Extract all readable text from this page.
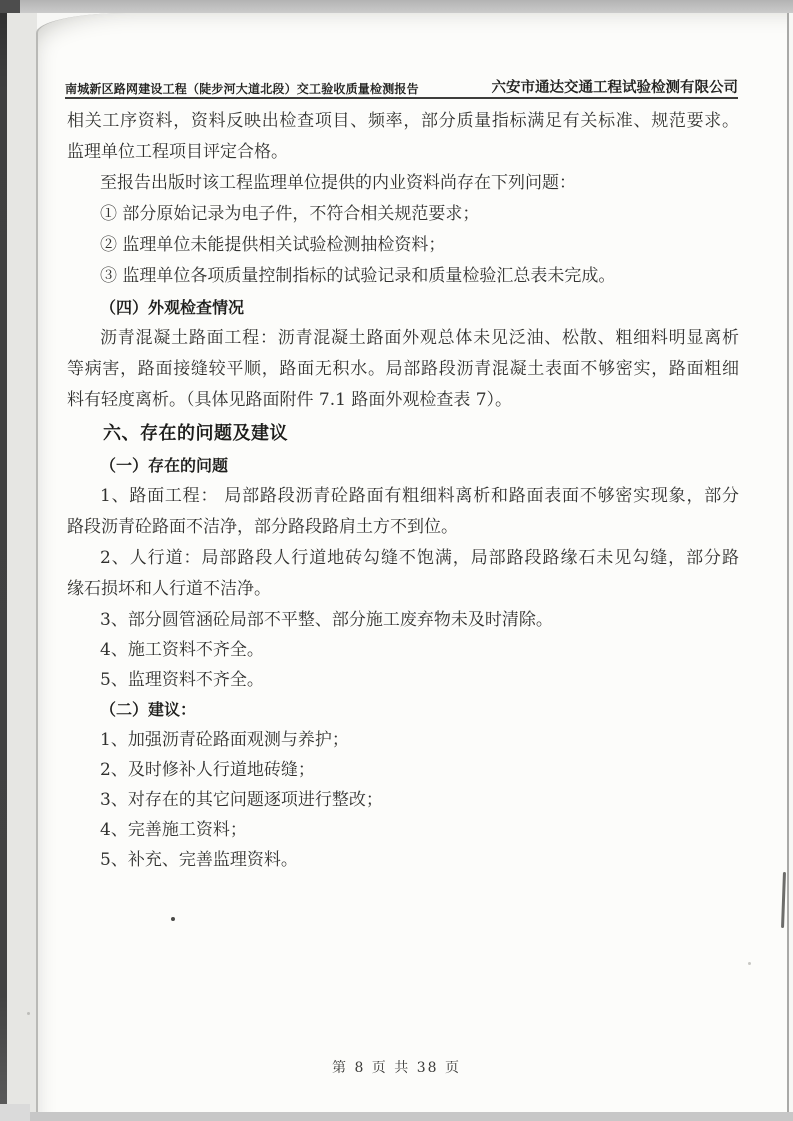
南城新区路网建设工程（陡步河大道北段）交工验收质量检测报告	六安市通达交通工程试验检测有限公司
相关工序资料，资料反映出检查项目、频率，部分质量指标满足有关标准、规范要求。
监理单位工程项目评定合格。
至报告出版时该工程监理单位提供的内业资料尚存在下列问题：
① 部分原始记录为电子件，不符合相关规范要求；
② 监理单位未能提供相关试验检测抽检资料；
③ 监理单位各项质量控制指标的试验记录和质量检验汇总表未完成。
（四）外观检查情况
沥青混凝土路面工程：沥青混凝土路面外观总体未见泛油、松散、粗细料明显离析
等病害，路面接缝较平顺，路面无积水。局部路段沥青混凝土表面不够密实，路面粗细
料有轻度离析。（具体见路面附件 7.1 路面外观检查表 7）。
六、存在的问题及建议
（一）存在的问题
1、路面工程： 局部路段沥青砼路面有粗细料离析和路面表面不够密实现象，部分
路段沥青砼路面不洁净，部分路段路肩土方不到位。
2、人行道：局部路段人行道地砖勾缝不饱满，局部路段路缘石未见勾缝，部分路
缘石损坏和人行道不洁净。
3、部分圆管涵砼局部不平整、部分施工废弃物未及时清除。
4、施工资料不齐全。
5、监理资料不齐全。
（二）建议：
1、加强沥青砼路面观测与养护；
2、及时修补人行道地砖缝；
3、对存在的其它问题逐项进行整改；
4、完善施工资料；
5、补充、完善监理资料。
第 8 页 共 38 页
